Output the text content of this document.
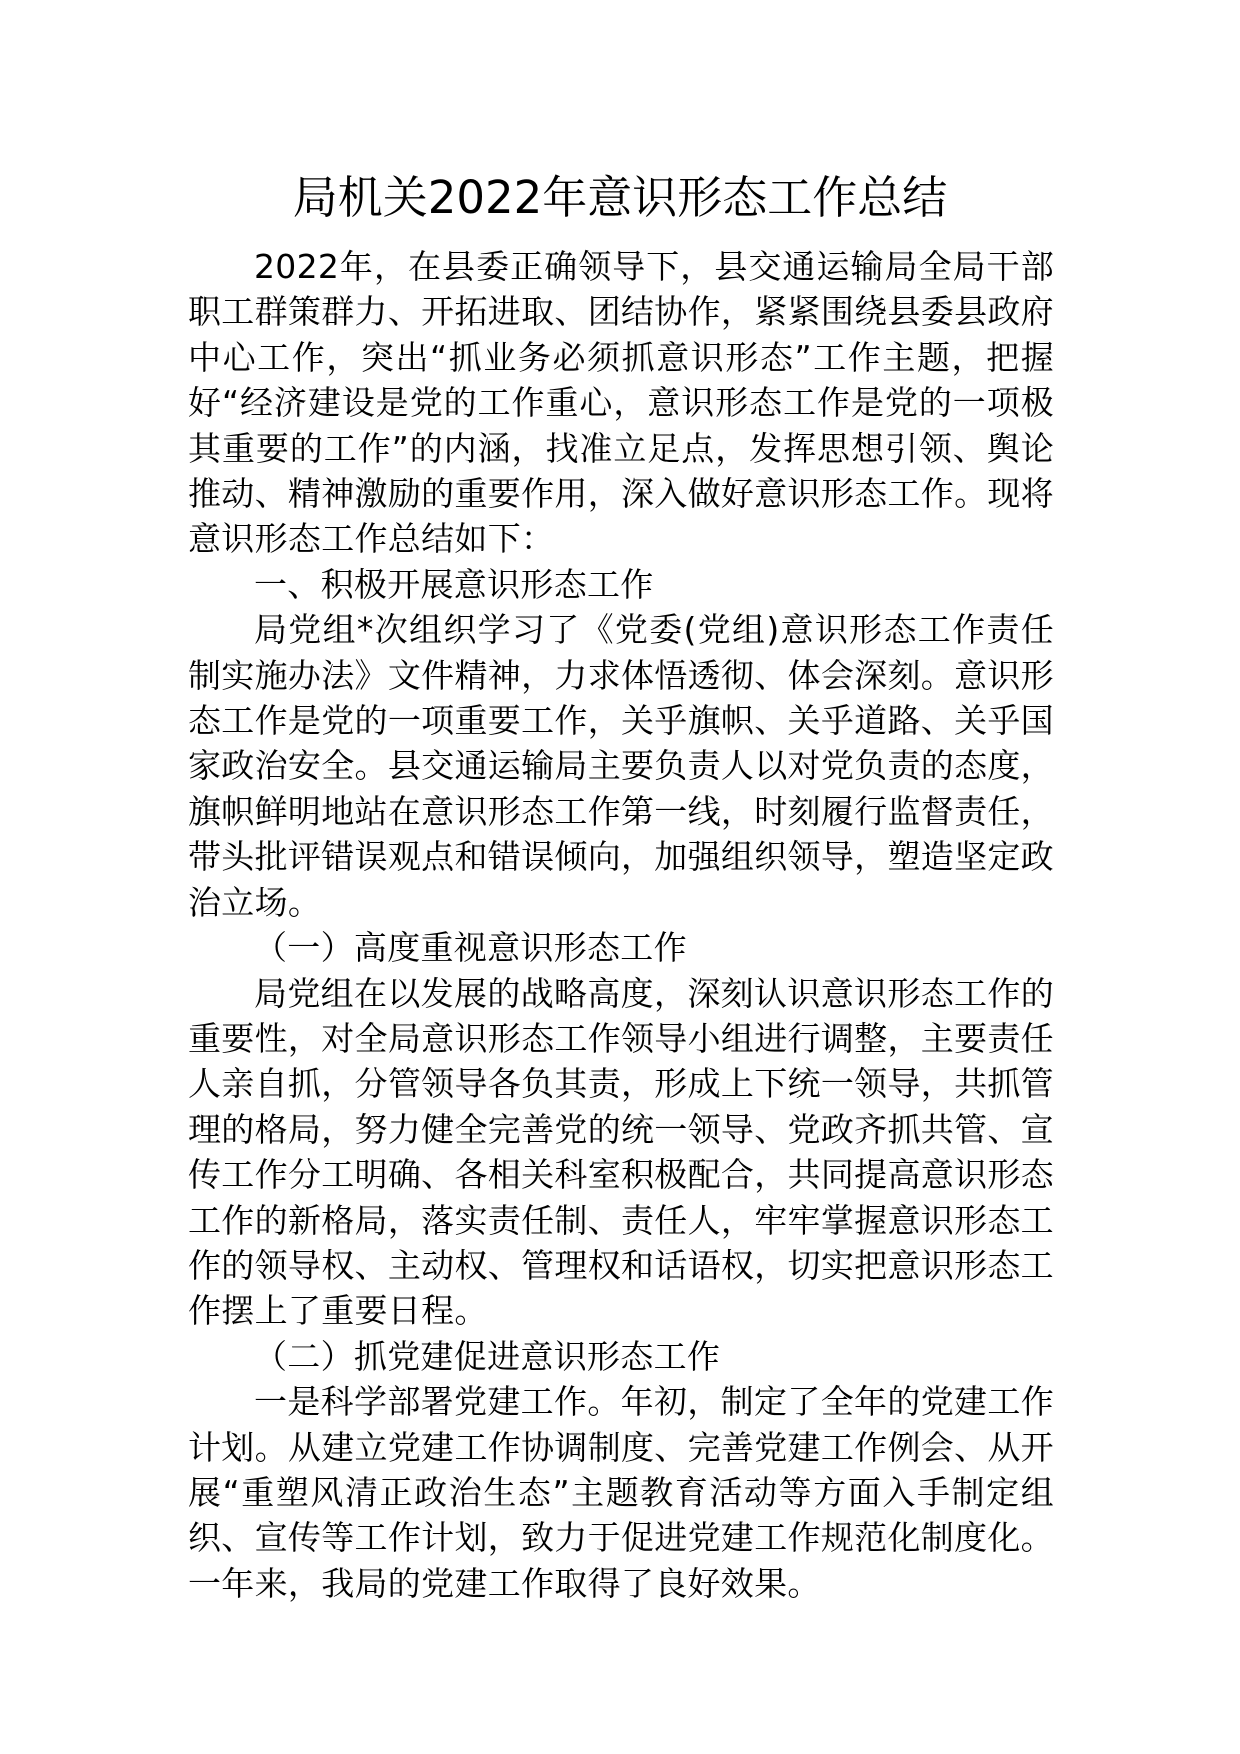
局机关2022年意识形态工作总结

2022年，在县委正确领导下，县交通运输局全局干部职工群策群力、开拓进取、团结协作，紧紧围绕县委县政府中心工作，突出“抓业务必须抓意识形态”工作主题，把握好“经济建设是党的工作重心，意识形态工作是党的一项极其重要的工作”的内涵，找准立足点，发挥思想引领、舆论推动、精神激励的重要作用，深入做好意识形态工作。现将意识形态工作总结如下：

一、积极开展意识形态工作

局党组*次组织学习了《党委(党组)意识形态工作责任制实施办法》文件精神，力求体悟透彻、体会深刻。意识形态工作是党的一项重要工作，关乎旗帜、关乎道路、关乎国家政治安全。县交通运输局主要负责人以对党负责的态度，旗帜鲜明地站在意识形态工作第一线，时刻履行监督责任，带头批评错误观点和错误倾向，加强组织领导，塑造坚定政治立场。

（一）高度重视意识形态工作

局党组在以发展的战略高度，深刻认识意识形态工作的重要性，对全局意识形态工作领导小组进行调整，主要责任人亲自抓，分管领导各负其责，形成上下统一领导，共抓管理的格局，努力健全完善党的统一领导、党政齐抓共管、宣传工作分工明确、各相关科室积极配合，共同提高意识形态工作的新格局，落实责任制、责任人，牢牢掌握意识形态工作的领导权、主动权、管理权和话语权，切实把意识形态工作摆上了重要日程。

（二）抓党建促进意识形态工作

一是科学部署党建工作。年初，制定了全年的党建工作计划。从建立党建工作协调制度、完善党建工作例会、从开展“重塑风清正政治生态”主题教育活动等方面入手制定组织、宣传等工作计划，致力于促进党建工作规范化制度化。一年来，我局的党建工作取得了良好效果。
